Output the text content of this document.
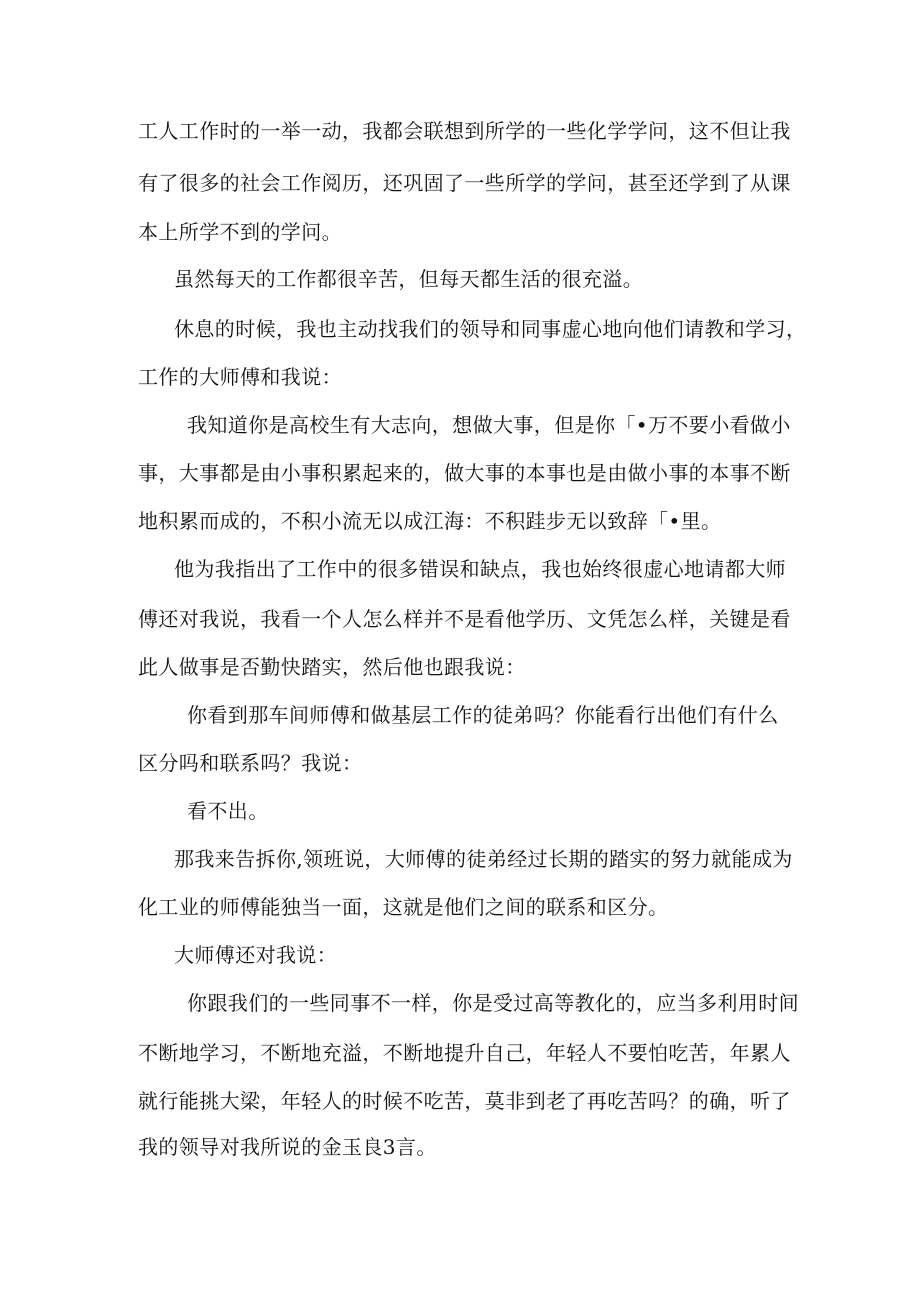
工人工作时的一举一动，我都会联想到所学的一些化学学问，这不但让我
有了很多的社会工作阅历，还巩固了一些所学的学问，甚至还学到了从课
本上所学不到的学问。
虽然每天的工作都很辛苦，但每天都生活的很充溢。
休息的时候，我也主动找我们的领导和同事虚心地向他们请教和学习，
工作的大师傅和我说：
我知道你是高校生有大志向，想做大事，但是你「•万不要小看做小
事，大事都是由小事积累起来的，做大事的本事也是由做小事的本事不断
地积累而成的，不积小流无以成江海：不积跬步无以致辞「•里。
他为我指出了工作中的很多错误和缺点，我也始终很虚心地请都大师
傅还对我说，我看一个人怎么样并不是看他学历、文凭怎么样，关键是看
此人做事是否勤快踏实，然后他也跟我说：
你看到那车间师傅和做基层工作的徒弟吗？你能看行出他们有什么
区分吗和联系吗？我说：
看不出。
那我来告拆你,领班说，大师傅的徒弟经过长期的踏实的努力就能成为
化工业的师傅能独当一面，这就是他们之间的联系和区分。
大师傅还对我说：
你跟我们的一些同事不一样，你是受过高等教化的，应当多利用时间
不断地学习，不断地充溢，不断地提升自己，年轻人不要怕吃苦，年累人
就行能挑大梁，年轻人的时候不吃苦，莫非到老了再吃苦吗？的确，听了
我的领导对我所说的金玉良3言。
